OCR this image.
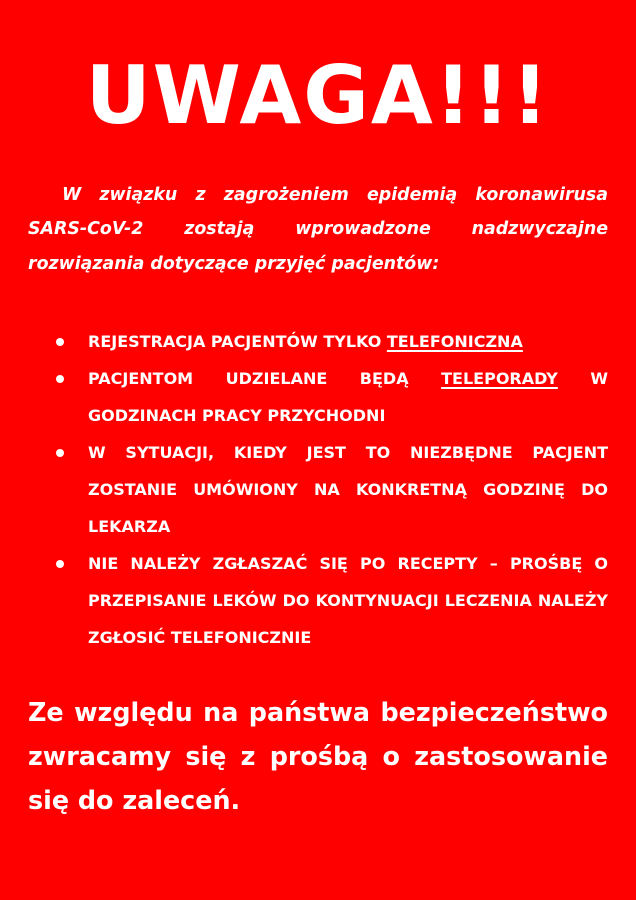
UWAGA!!!
W związku z zagrożeniem epidemią koronawirusa SARS-CoV-2 zostają wprowadzone nadzwyczajne rozwiązania dotyczące przyjęć pacjentów:
REJESTRACJA PACJENTÓW TYLKO TELEFONICZNA
PACJENTOM UDZIELANE BĘDĄ TELEPORADY W GODZINACH PRACY PRZYCHODNI
W SYTUACJI, KIEDY JEST TO NIEZBĘDNE PACJENT ZOSTANIE UMÓWIONY NA KONKRETNĄ GODZINĘ DO LEKARZA
NIE NALEŻY ZGŁASZAĆ SIĘ PO RECEPTY – PROŚBĘ O PRZEPISANIE LEKÓW DO KONTYNUACJI LECZENIA NALEŻY ZGŁOSIĆ TELEFONICZNIE
Ze względu na państwa bezpieczeństwo zwracamy się z prośbą o zastosowanie się do zaleceń.
